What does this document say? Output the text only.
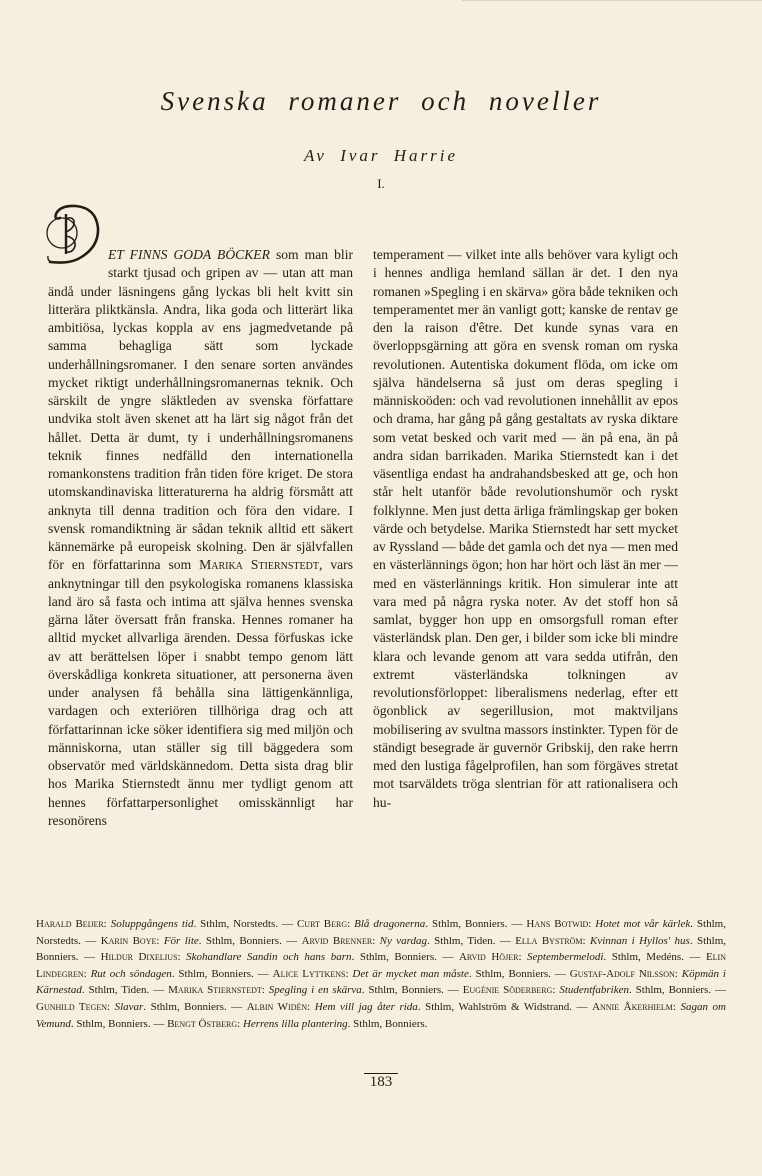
Svenska romaner och noveller
Av Ivar Harrie
I.
ET FINNS GODA BÖCKER som man blir starkt tjusad och gripen av — utan att man ändå under läsningens gång lyckas bli helt kvitt sin litterära pliktkänsla. Andra, lika goda och litterärt lika ambitiösa, lyckas koppla av ens jagmedvetande på samma behagliga sätt som lyckade underhållningsromaner. I den senare sorten användes mycket riktigt underhållningsromanernas teknik. Och särskilt de yngre släktleden av svenska författare undvika stolt även skenet att ha lärt sig något från det hållet. Detta är dumt, ty i underhållningsromanens teknik finnes nedfälld den internationella romankonstens tradition från tiden före kriget. De stora utomskandinaviska litteraturerna ha aldrig försmått att anknyta till denna tradition och föra den vidare. I svensk romandiktning är sådan teknik alltid ett säkert kännemärke på europeisk skolning. Den är självfallen för en författarinna som Marika Stiernstedt, vars anknytningar till den psykologiska romanens klassiska land äro så fasta och intima att själva hennes svenska gärna låter översatt från franska. Hennes romaner ha alltid mycket allvarliga ärenden. Dessa förfuskas icke av att berättelsen löper i snabbt tempo genom lätt överskådliga konkreta situationer, att personerna även under analysen få behålla sina lättigenkännliga, vardagen och exteriören tillhöriga drag och att författarinnan icke söker identifiera sig med miljön och människorna, utan ställer sig till bäggedera som observatör med världskännedom. Detta sista drag blir hos Marika Stiernstedt ännu mer tydligt genom att hennes författarpersonlighet omisskännligt har resonörens
temperament — vilket inte alls behöver vara kyligt och i hennes andliga hemland sällan är det. I den nya romanen »Spegling i en skärva» göra både tekniken och temperamentet mer än vanligt gott; kanske de rentav ge den la raison d'être. Det kunde synas vara en överloppsgärning att göra en svensk roman om ryska revolutionen. Autentiska dokument flöda, om icke om själva händelserna så just om deras spegling i människoöden: och vad revolutionen innehållit av epos och drama, har gång på gång gestaltats av ryska diktare som vetat besked och varit med — än på ena, än på andra sidan barrikaden. Marika Stiernstedt kan i det väsentliga endast ha andrahandsbesked att ge, och hon står helt utanför både revolutionshumör och ryskt folklynne. Men just detta ärliga främlingskap ger boken värde och betydelse. Marika Stiernstedt har sett mycket av Ryssland — både det gamla och det nya — men med en västerlännings ögon; hon har hört och läst än mer — med en västerlännings kritik. Hon simulerar inte att vara med på några ryska noter. Av det stoff hon så samlat, bygger hon upp en omsorgsfull roman efter västerländsk plan. Den ger, i bilder som icke bli mindre klara och levande genom att vara sedda utifrån, den extremt västerländska tolkningen av revolutionsförloppet: liberalismens nederlag, efter ett ögonblick av segerillusion, mot maktviljans mobilisering av svultna massors instinkter. Typen för de ständigt besegrade är guvernör Gribskij, den rake herrn med den lustiga fågelprofilen, han som förgäves stretat mot tsarväldets tröga slentrian för att rationalisera och hu-
Harald Beijer: Soluppgångens tid. Sthlm, Norstedts. — Curt Berg: Blå dragonerna. Sthlm, Bonniers. — Hans Botwid: Hotet mot vår kärlek. Sthlm, Norstedts. — Karin Boye: För lite. Sthlm, Bonniers. — Arvid Brenner: Ny vardag. Sthlm, Tiden. — Ella Byström: Kvinnan i Hyllos' hus. Sthlm, Bonniers. — Hildur Dixelius: Skohandlare Sandin och hans barn. Sthlm, Bonniers. — Arvid Höjer: Septembermelodi. Sthlm, Medéns. — Elin Lindegren: Rut och söndagen. Sthlm, Bonniers. — Alice Lyttkens: Det är mycket man måste. Sthlm, Bonniers. — Gustaf-Adolf Nilsson: Köpmän i Kärnestad. Sthlm, Tiden. — Marika Stiernstedt: Spegling i en skärva. Sthlm, Bonniers. — Eugénie Söderberg: Studentfabriken. Sthlm, Bonniers. — Gunhild Tegen: Slavar. Sthlm, Bonniers. — Albin Widén: Hem vill jag åter rida. Sthlm, Wahlström & Widstrand. — Annie Åkerhielm: Sagan om Vemund. Sthlm, Bonniers. — Bengt Östberg: Herrens lilla plantering. Sthlm, Bonniers.
183
